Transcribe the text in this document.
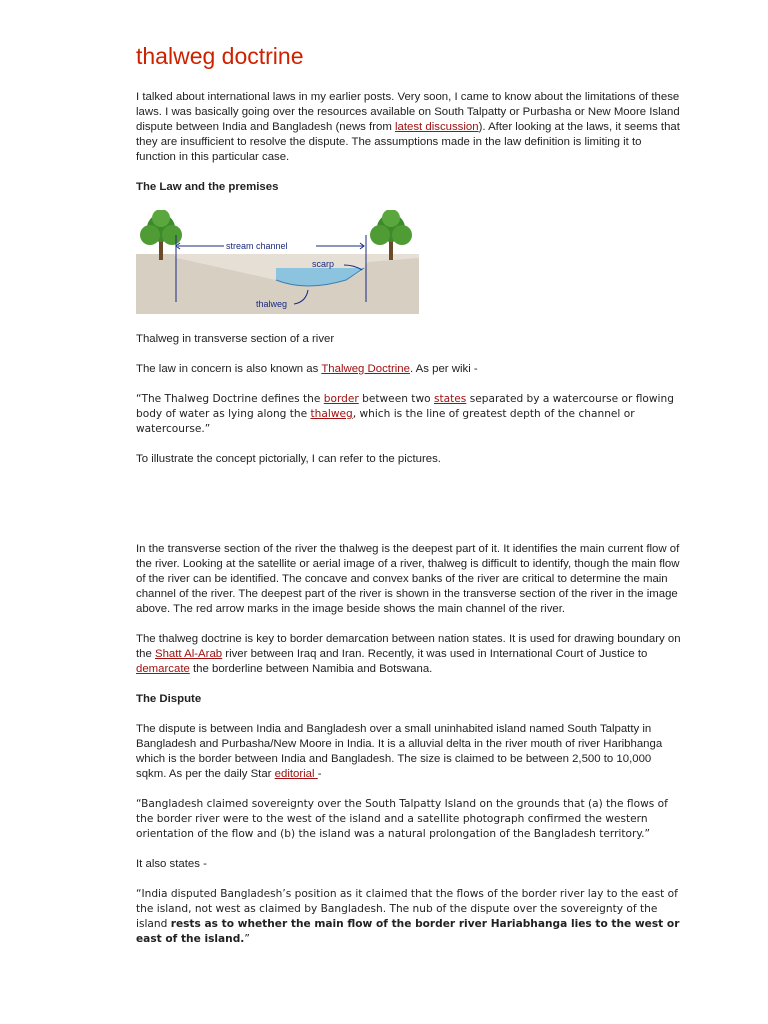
thalweg doctrine

I talked about international laws in my earlier posts. Very soon, I came to know about the limitations of these laws. I was basically going over the resources available on South Talpatty or Purbasha or New Moore Island dispute between India and Bangladesh (news from latest discussion). After looking at the laws, it seems that they are insufficient to resolve the dispute. The assumptions made in the law definition is limiting it to function in this particular case.

The Law and the premises
stream channel
scarp
thalweg

Thalweg in transverse section of a river

The law in concern is also known as Thalweg Doctrine. As per wiki -

“The Thalweg Doctrine defines the border between two states separated by a watercourse or flowing body of water as lying along the thalweg, which is the line of greatest depth of the channel or watercourse.”

To illustrate the concept pictorially, I can refer to the pictures.

In the transverse section of the river the thalweg is the deepest part of it. It identifies the main current flow of the river. Looking at the satellite or aerial image of a river, thalweg is difficult to identify, though the main flow of the river can be identified. The concave and convex banks of the river are critical to determine the main channel of the river. The deepest part of the river is shown in the transverse section of the river in the image above. The red arrow marks in the image beside shows the main channel of the river.

The thalweg doctrine is key to border demarcation between nation states. It is used for drawing boundary on the Shatt Al-Arab river between Iraq and Iran. Recently, it was used in International Court of Justice to demarcate the borderline between Namibia and Botswana.

The Dispute

The dispute is between India and Bangladesh over a small uninhabited island named South Talpatty in Bangladesh and Purbasha/New Moore in India. It is a alluvial delta in the river mouth of river Haribhanga which is the border between India and Bangladesh. The size is claimed to be between 2,500 to 10,000 sqkm. As per the daily Star editorial -

“Bangladesh claimed sovereignty over the South Talpatty Island on the grounds that (a) the flows of the border river were to the west of the island and a satellite photograph confirmed the western orientation of the flow and (b) the island was a natural prolongation of the Bangladesh territory.”

It also states -

“India disputed Bangladesh’s position as it claimed that the flows of the border river lay to the east of the island, not west as claimed by Bangladesh. The nub of the dispute over the sovereignty of the island rests as to whether the main flow of the border river Hariabhanga lies to the west or east of the island.”
